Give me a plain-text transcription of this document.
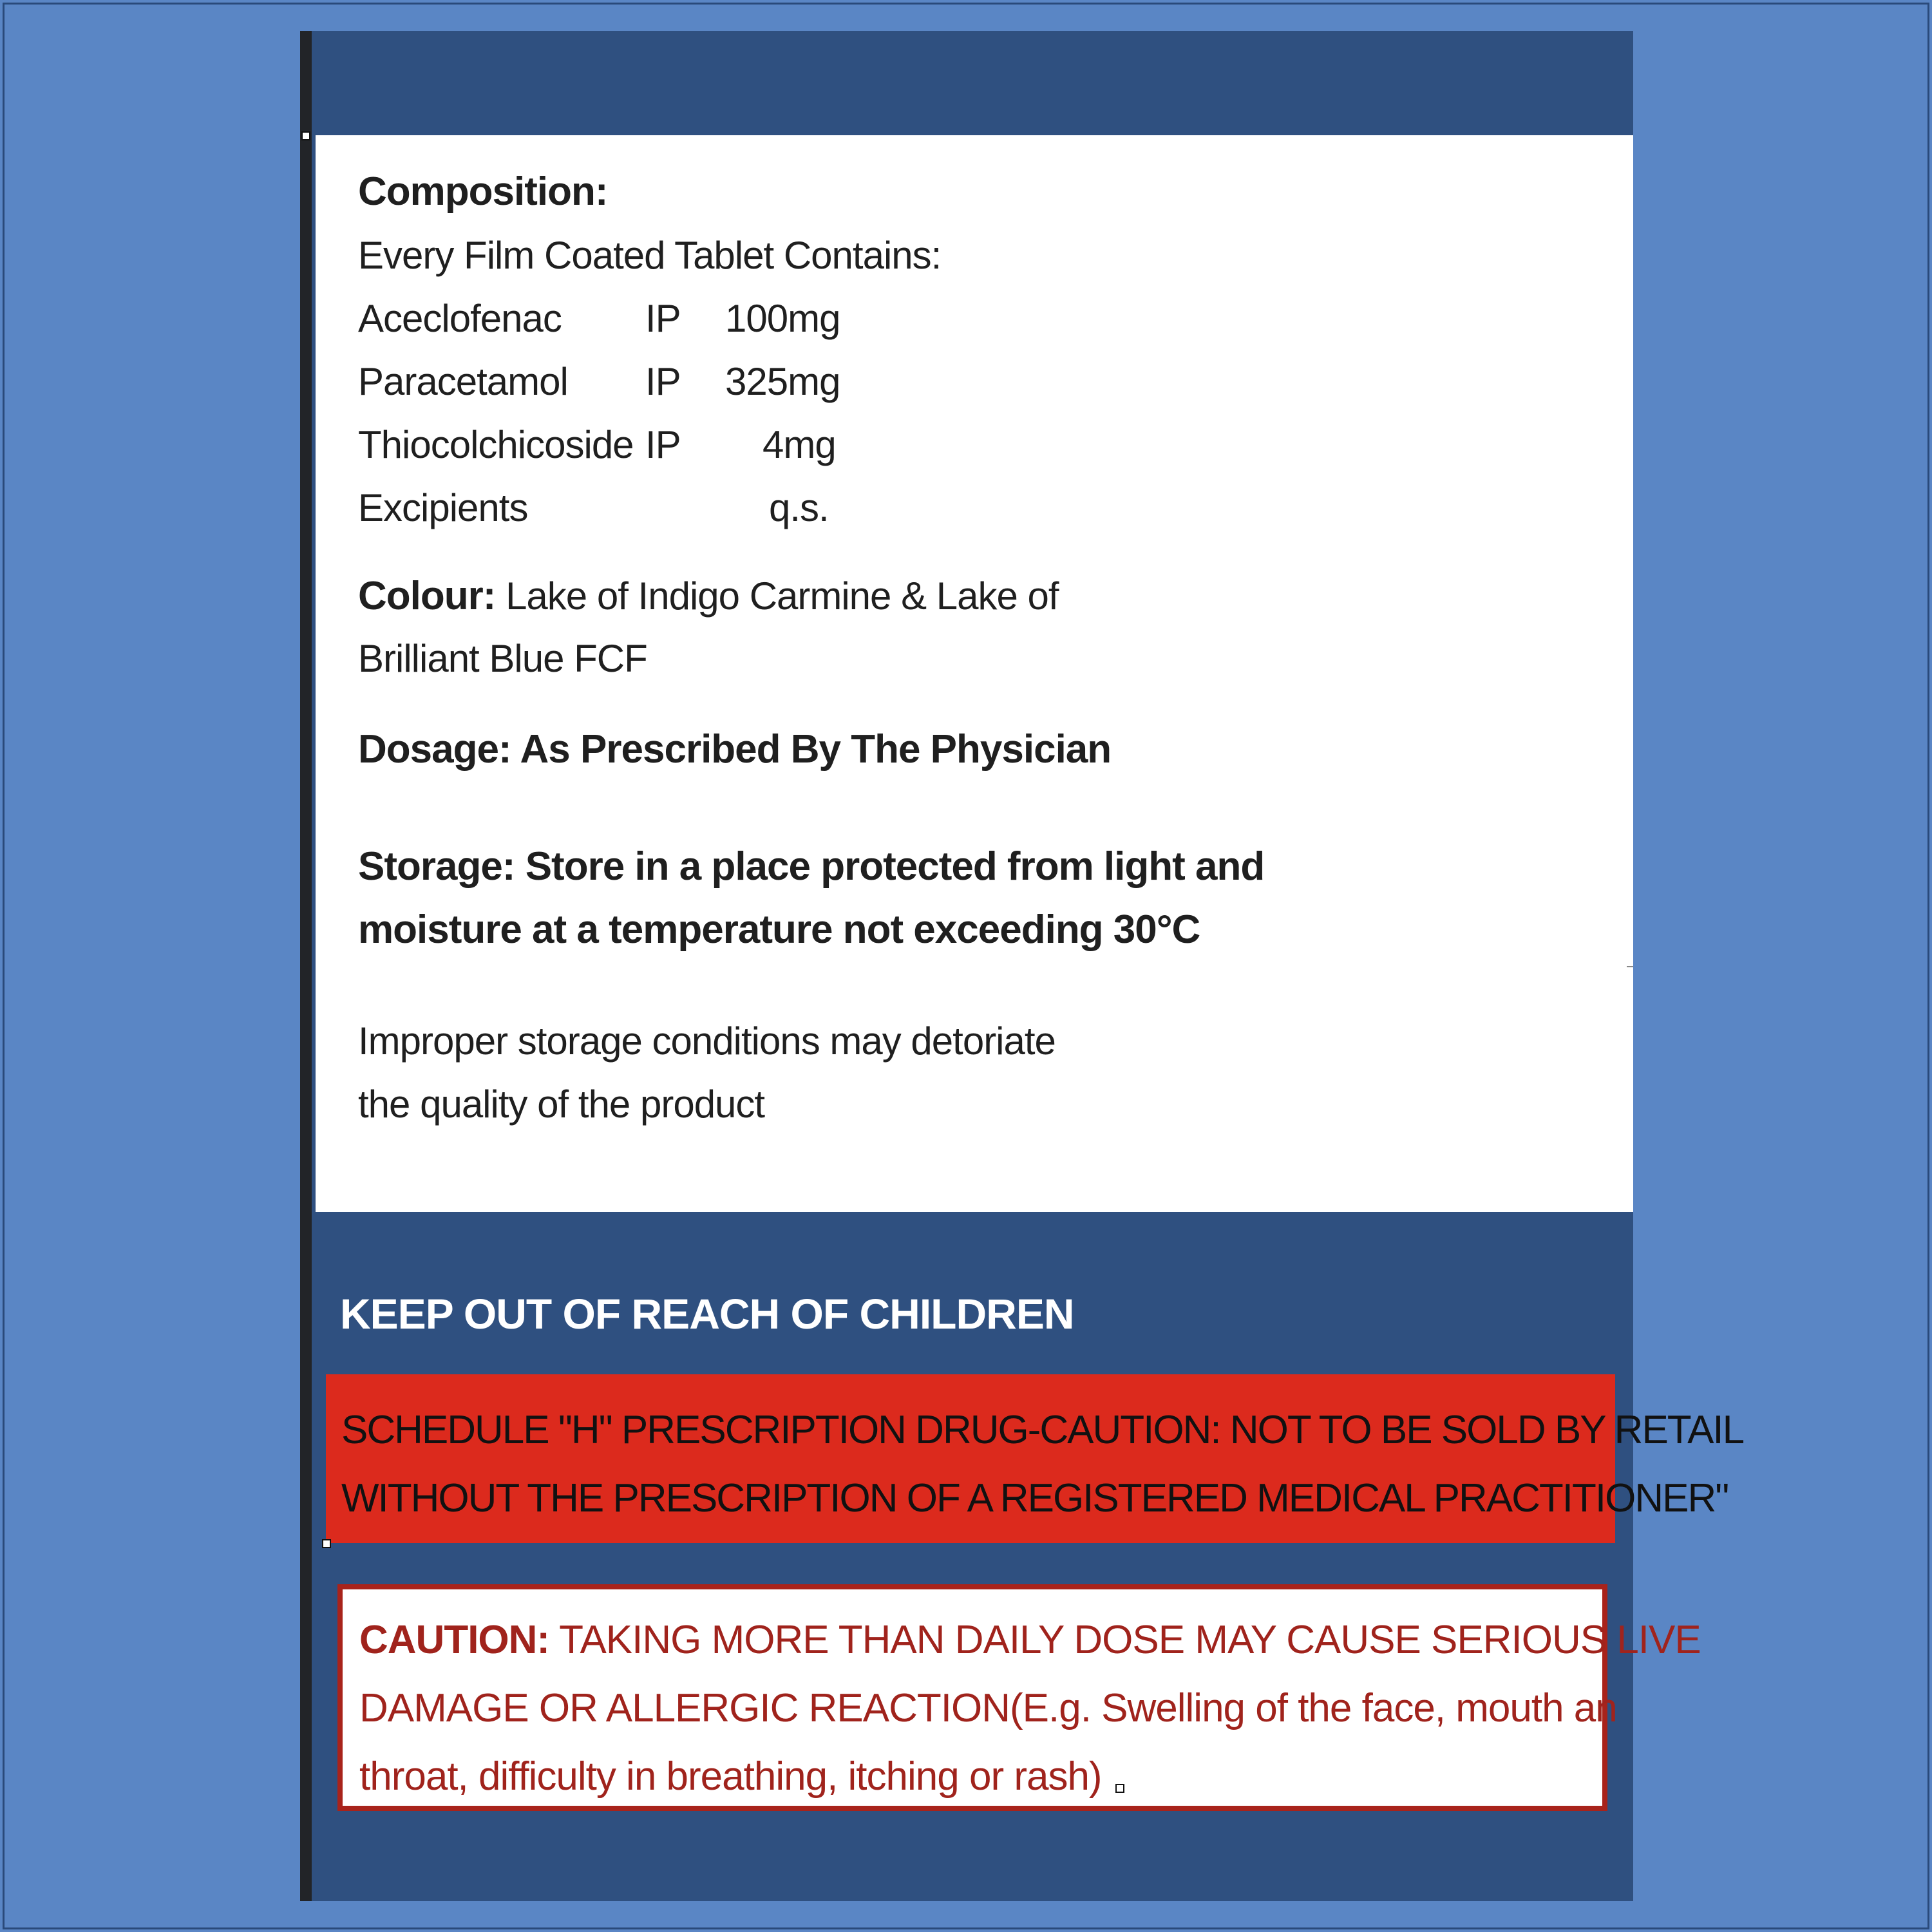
Composition:
Every Film Coated Tablet Contains:
Aceclofenac IP 100mg
Paracetamol IP 325mg
Thiocolchicoside IP 4mg
Excipients	q.s.
Colour: Lake of Indigo Carmine & Lake of
Brilliant Blue FCF
Dosage: As Prescribed By The Physician
Storage: Store in a place protected from light and
moisture at a temperature not exceeding 30°C
Improper storage conditions may detoriate
the quality of the product
KEEP OUT OF REACH OF CHILDREN
SCHEDULE "H" PRESCRIPTION DRUG-CAUTION: NOT TO BE SOLD BY RETAIL
WITHOUT THE PRESCRIPTION OF A REGISTERED MEDICAL PRACTITIONER"
CAUTION: TAKING MORE THAN DAILY DOSE MAY CAUSE SERIOUS LIVE
DAMAGE OR ALLERGIC REACTION(E.g. Swelling of the face, mouth an
throat, difficulty in breathing, itching or rash)
